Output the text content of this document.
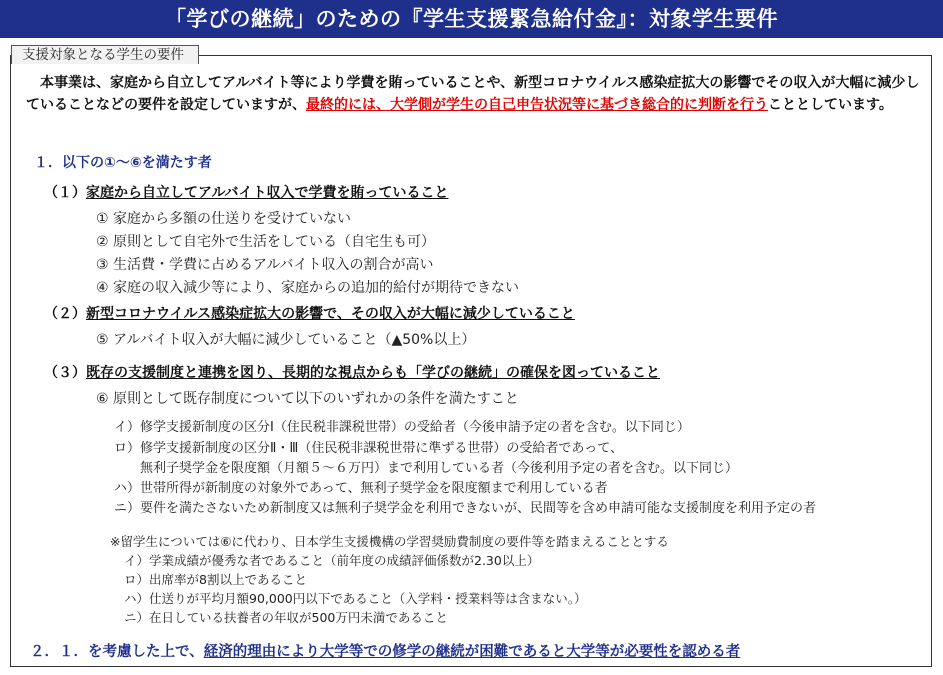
「学びの継続」のための『学生支援緊急給付金』：対象学生要件
支援対象となる学生の要件
本事業は、家庭から自立してアルバイト等により学費を賄っていることや、新型コロナウイルス感染症拡大の影響でその収入が大幅に減少していることなどの要件を設定していますが、最終的には、大学側が学生の自己申告状況等に基づき総合的に判断を行うこととしています。
１．以下の①～⑥を満たす者
（１）家庭から自立してアルバイト収入で学費を賄っていること
① 家庭から多額の仕送りを受けていない
② 原則として自宅外で生活をしている（自宅生も可）
③ 生活費・学費に占めるアルバイト収入の割合が高い
④ 家庭の収入減少等により、家庭からの追加的給付が期待できない
（２）新型コロナウイルス感染症拡大の影響で、その収入が大幅に減少していること
⑤ アルバイト収入が大幅に減少していること（▲50%以上）
（３）既存の支援制度と連携を図り、長期的な視点からも「学びの継続」の確保を図っていること
⑥ 原則として既存制度について以下のいずれかの条件を満たすこと
イ）修学支援新制度の区分Ⅰ（住民税非課税世帯）の受給者（今後申請予定の者を含む。以下同じ）
ロ）修学支援新制度の区分Ⅱ・Ⅲ（住民税非課税世帯に準ずる世帯）の受給者であって、
無利子奨学金を限度額（月額５～６万円）まで利用している者（今後利用予定の者を含む。以下同じ）
ハ）世帯所得が新制度の対象外であって、無利子奨学金を限度額まで利用している者
ニ）要件を満たさないため新制度又は無利子奨学金を利用できないが、民間等を含め申請可能な支援制度を利用予定の者
※留学生については⑥に代わり、日本学生支援機構の学習奨励費制度の要件等を踏まえることとする
イ）学業成績が優秀な者であること（前年度の成績評価係数が2.30以上）
ロ）出席率が8割以上であること
ハ）仕送りが平均月額90,000円以下であること（入学料・授業料等は含まない。）
ニ）在日している扶養者の年収が500万円未満であること
２．１．を考慮した上で、経済的理由により大学等での修学の継続が困難であると大学等が必要性を認める者
